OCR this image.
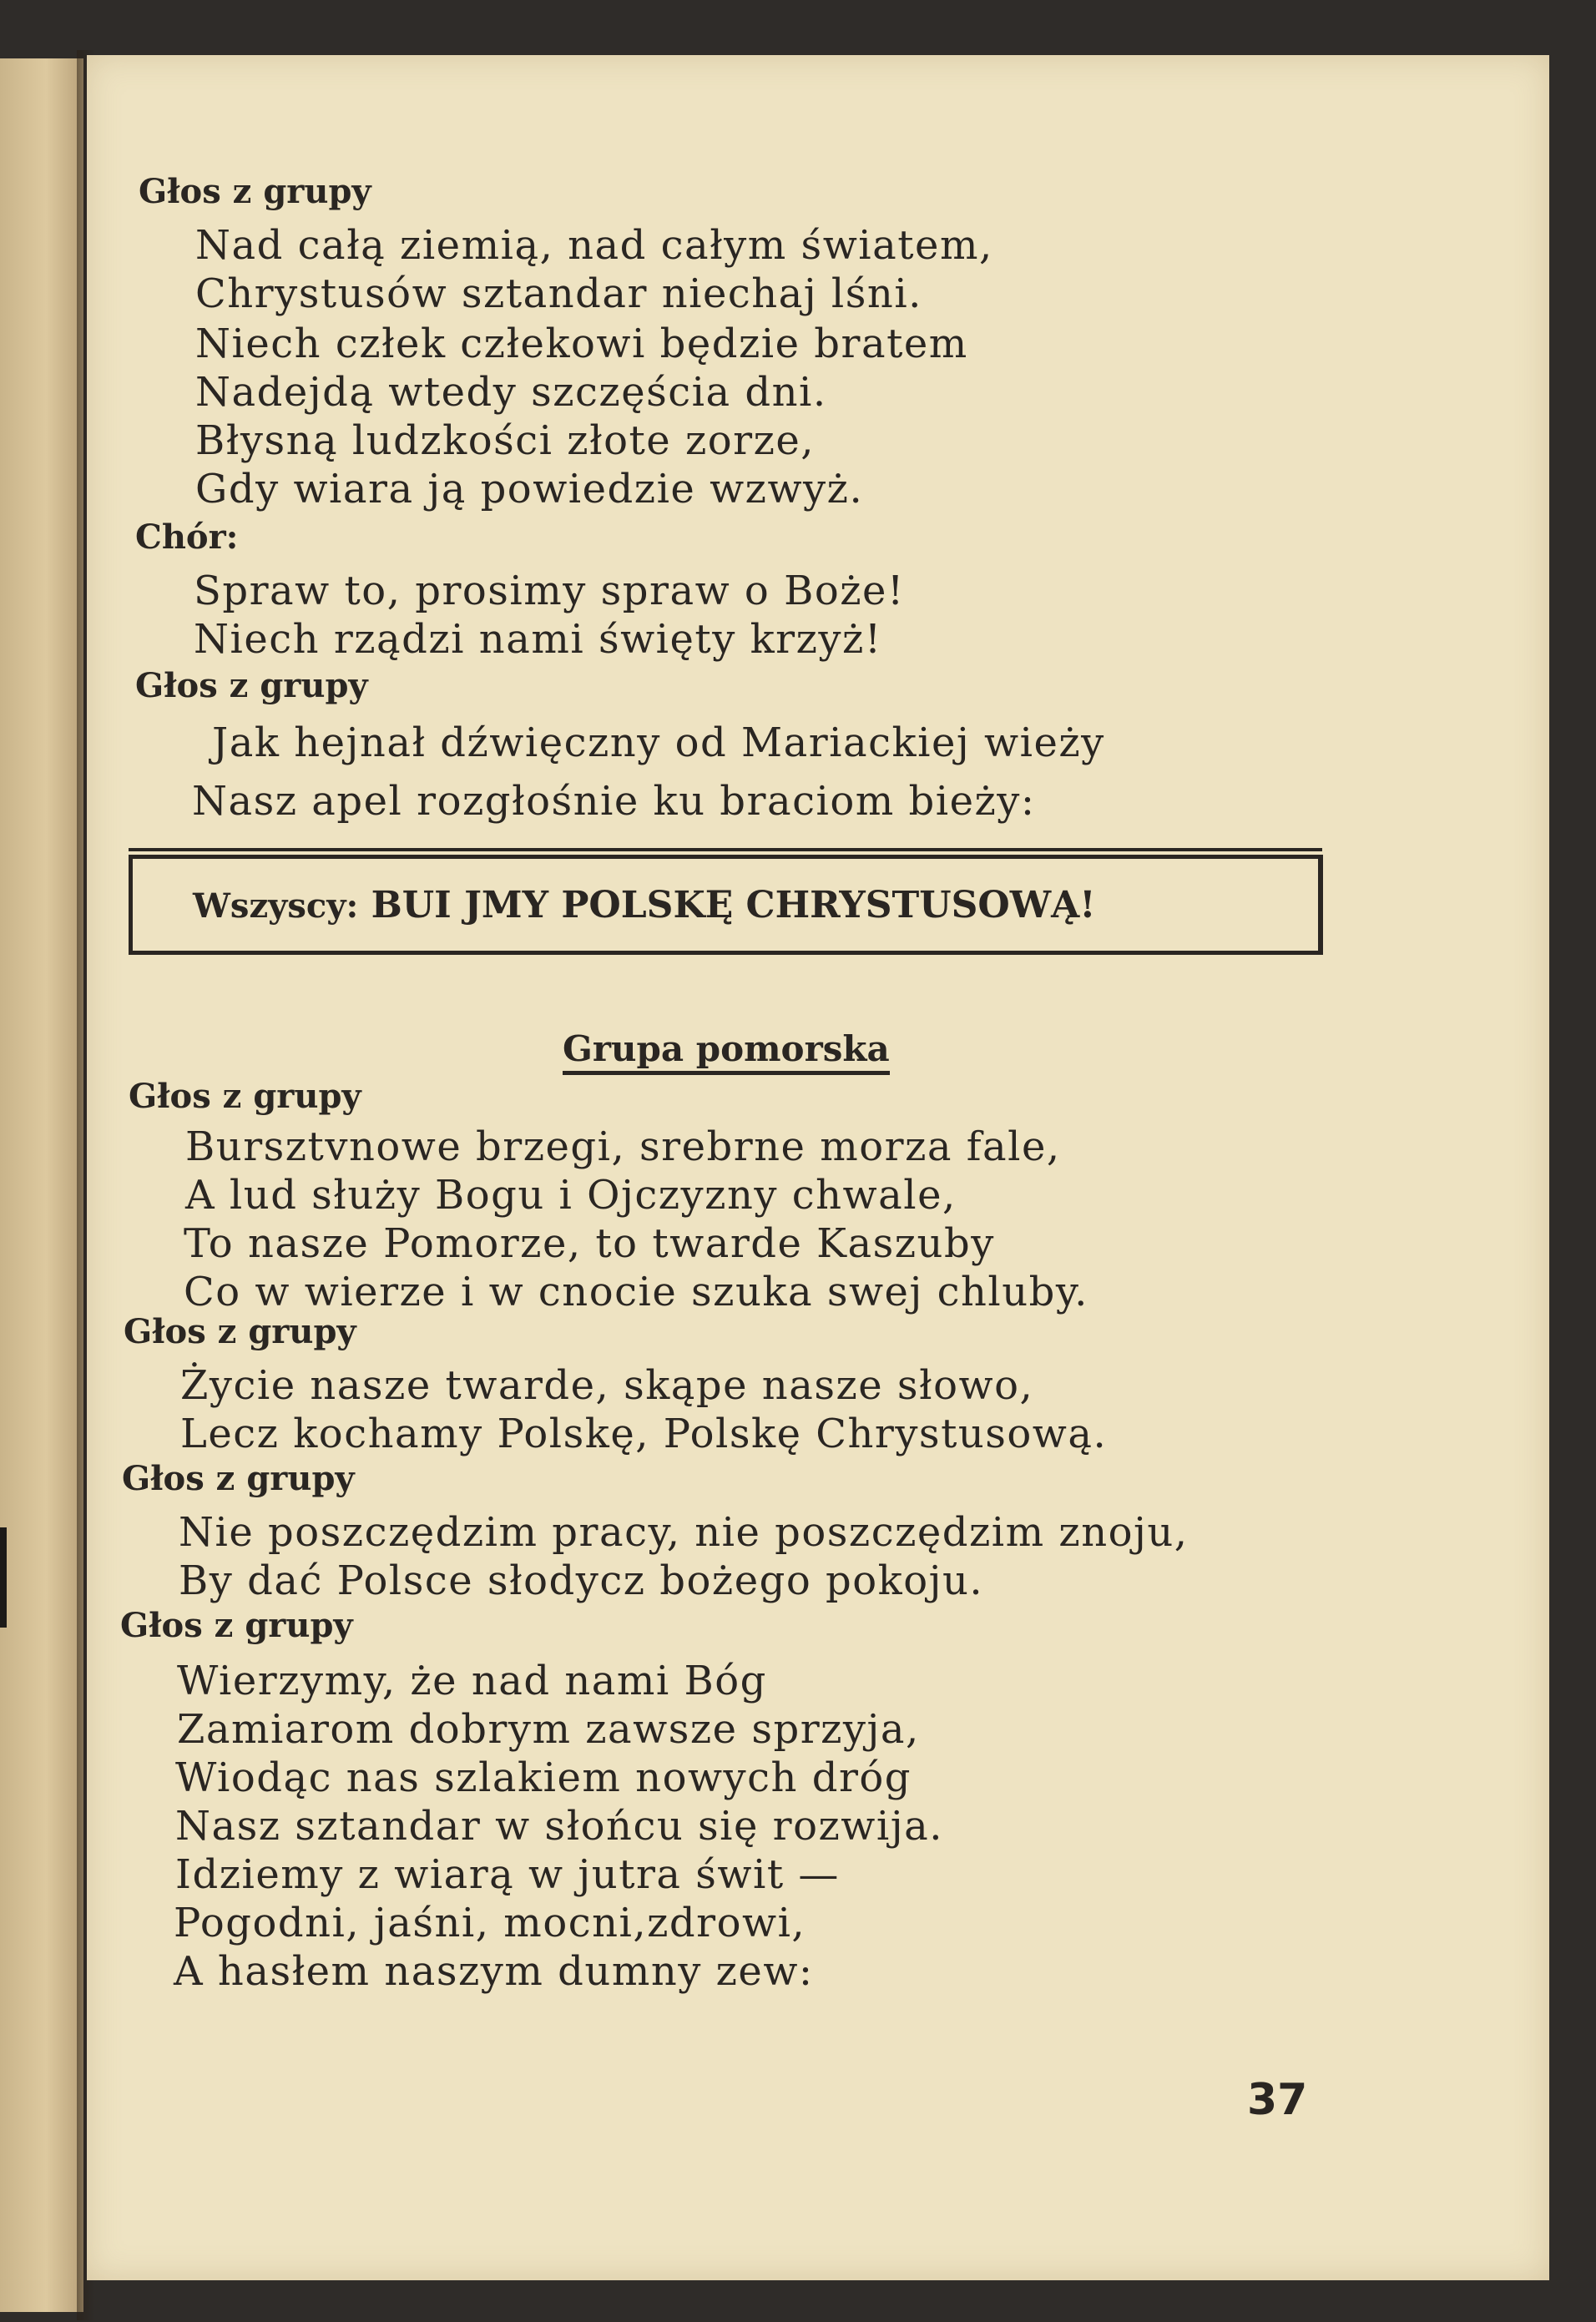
Głos z grupy
Nad całą ziemią, nad całym światem,
Chrystusów sztandar niechaj lśni.
Niech człek człekowi będzie bratem
Nadejdą wtedy szczęścia dni.
Błysną ludzkości złote zorze,
Gdy wiara ją powiedzie wzwyż.
Chór:
Spraw to, prosimy spraw o Boże!
Niech rządzi nami święty krzyż!
Głos z grupy
Jak hejnał dźwięczny od Mariackiej wieży
Nasz apel rozgłośnie ku braciom bieży:
Wszyscy: BUI JMY POLSKĘ CHRYSTUSOWĄ!
Grupa pomorska
Głos z grupy
Bursztvnowe brzegi, srebrne morza fale,
A lud służy Bogu i Ojczyzny chwale,
To nasze Pomorze, to twarde Kaszuby
Co w wierze i w cnocie szuka swej chluby.
Głos z grupy
Życie nasze twarde, skąpe nasze słowo,
Lecz kochamy Polskę, Polskę Chrystusową.
Głos z grupy
Nie poszczędzim pracy, nie poszczędzim znoju,
By dać Polsce słodycz bożego pokoju.
Głos z grupy
Wierzymy, że nad nami Bóg
Zamiarom dobrym zawsze sprzyja,
Wiodąc nas szlakiem nowych dróg
Nasz sztandar w słońcu się rozwija.
Idziemy z wiarą w jutra świt —
Pogodni, jaśni, mocni,zdrowi,
A hasłem naszym dumny zew:
37
